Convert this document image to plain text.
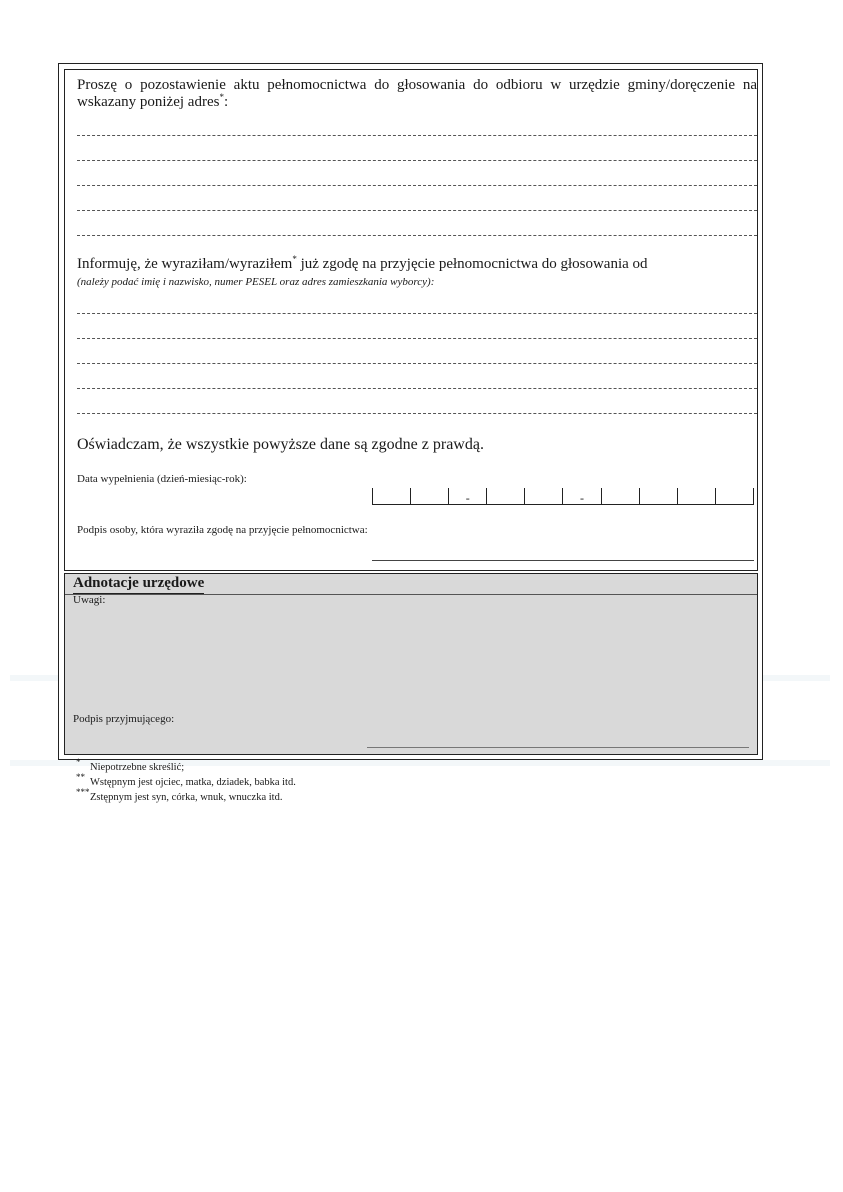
Proszę o pozostawienie aktu pełnomocnictwa do głosowania do odbioru w urzędzie gminy/doręczenie na wskazany poniżej adres*:
Informuję, że wyraziłam/wyraziłem* już zgodę na przyjęcie pełnomocnictwa do głosowania od
(należy podać imię i nazwisko, numer PESEL oraz adres zamieszkania wyborcy):
Oświadczam, że wszystkie powyższe dane są zgodne z prawdą.
Data wypełnienia (dzień-miesiąc-rok):
-	-
Podpis osoby, która wyraziła zgodę na przyjęcie pełnomocnictwa:
Adnotacje urzędowe
Uwagi:
Podpis przyjmującego:
* Niepotrzebne skreślić;
** Wstępnym jest ojciec, matka, dziadek, babka itd.
*** Zstępnym jest syn, córka, wnuk, wnuczka itd.
